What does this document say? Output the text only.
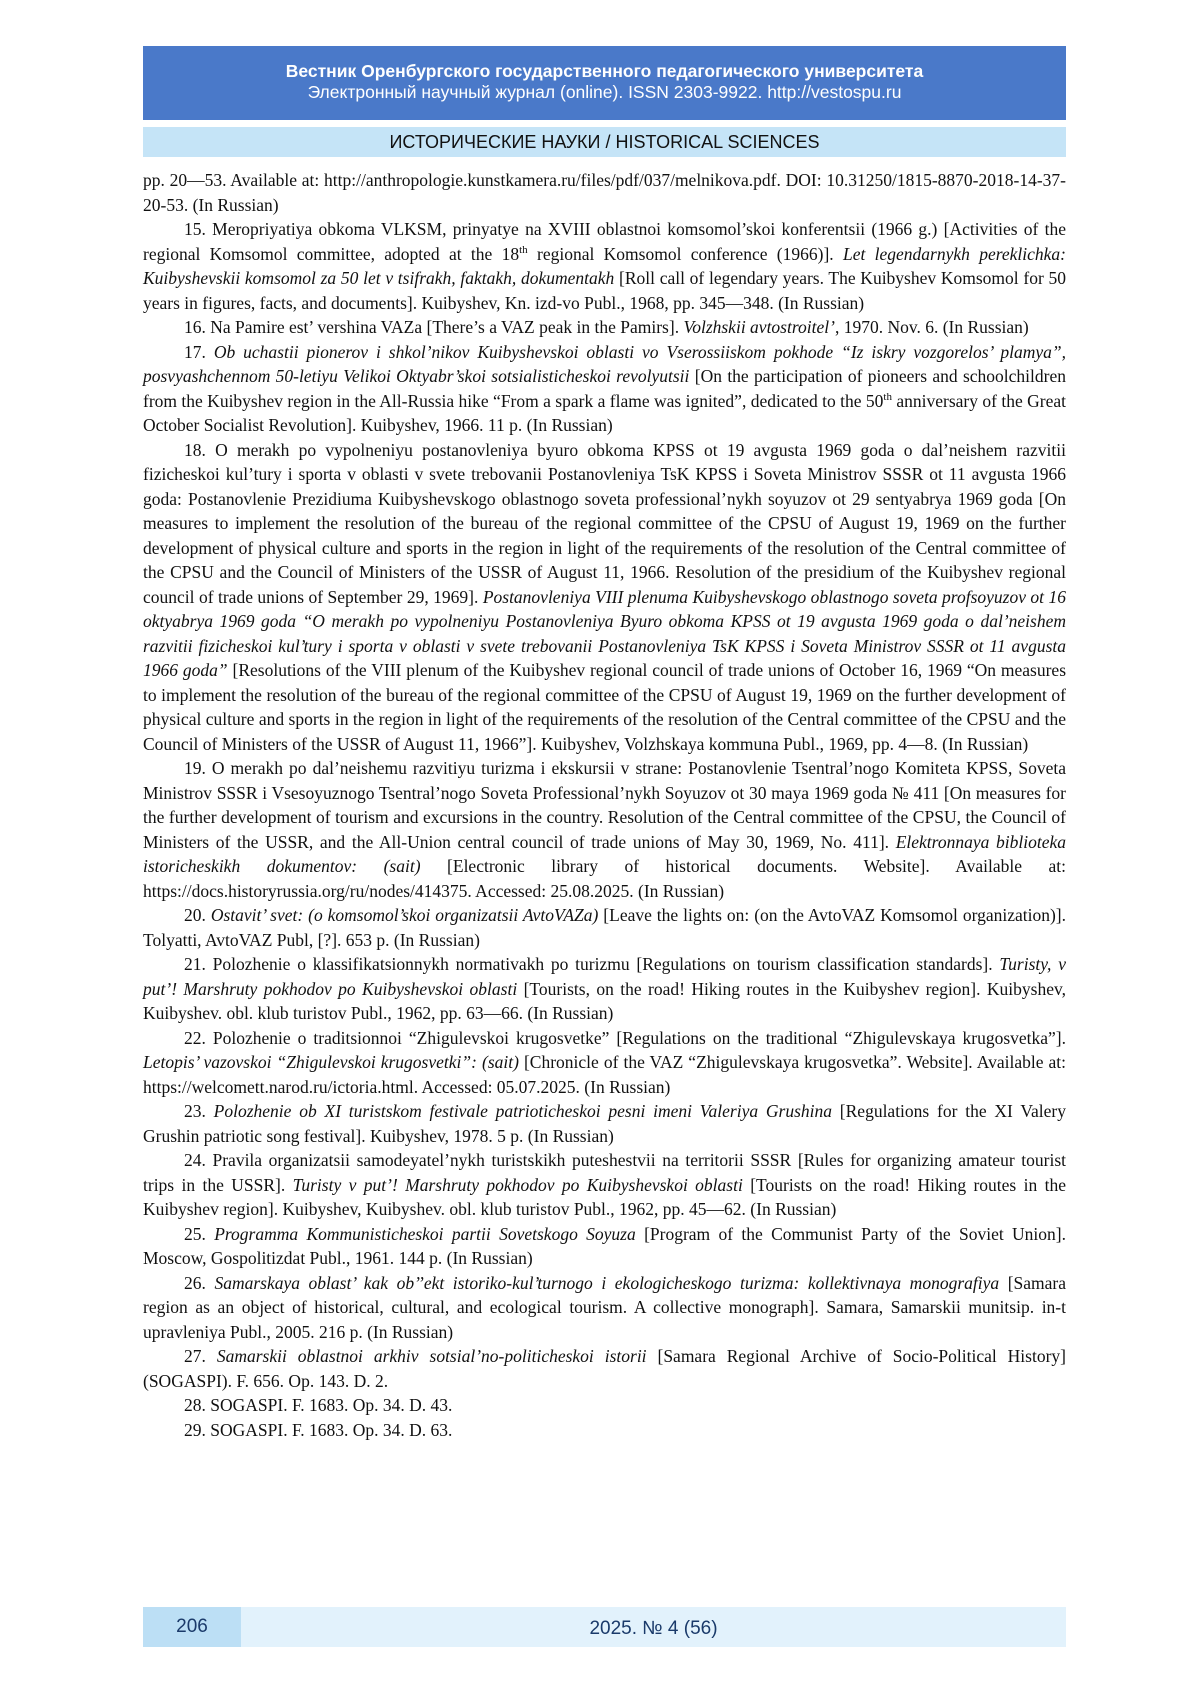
Вестник Оренбургского государственного педагогического университета
Электронный научный журнал (online). ISSN 2303-9922. http://vestospu.ru
ИСТОРИЧЕСКИЕ НАУКИ / HISTORICAL SCIENCES

pp. 20—53. Available at: http://anthropologie.kunstkamera.ru/files/pdf/037/melnikova.pdf. DOI: 10.31250/1815-8870-2018-14-37-20-53. (In Russian)

15. Meropriyatiya obkoma VLKSM, prinyatye na XVIII oblastnoi komsomol’skoi konferentsii (1966 g.) [Activities of the regional Komsomol committee, adopted at the 18th regional Komsomol conference (1966)]. Let legendarnykh pereklichka: Kuibyshevskii komsomol za 50 let v tsifrakh, faktakh, dokumentakh [Roll call of legendary years. The Kuibyshev Komsomol for 50 years in figures, facts, and documents]. Kuibyshev, Kn. izd-vo Publ., 1968, pp. 345—348. (In Russian)

16. Na Pamire est’ vershina VAZa [There’s a VAZ peak in the Pamirs]. Volzhskii avtostroitel’, 1970. Nov. 6. (In Russian)

17. Ob uchastii pionerov i shkol’nikov Kuibyshevskoi oblasti vo Vserossiiskom pokhode “Iz iskry vozgorelos’ plamya”, posvyashchennom 50-letiyu Velikoi Oktyabr’skoi sotsialisticheskoi revolyutsii [On the participation of pioneers and schoolchildren from the Kuibyshev region in the All-Russia hike “From a spark a flame was ignited”, dedicated to the 50th anniversary of the Great October Socialist Revolution]. Kuibyshev, 1966. 11 p. (In Russian)

18. O merakh po vypolneniyu postanovleniya byuro obkoma KPSS ot 19 avgusta 1969 goda o dal’neishem razvitii fizicheskoi kul’tury i sporta v oblasti v svete trebovanii Postanovleniya TsK KPSS i Soveta Ministrov SSSR ot 11 avgusta 1966 goda: Postanovlenie Prezidiuma Kuibyshevskogo oblastnogo soveta professional’nykh soyuzov ot 29 sentyabrya 1969 goda [On measures to implement the resolution of the bureau of the regional committee of the CPSU of August 19, 1969 on the further development of physical culture and sports in the region in light of the requirements of the resolution of the Central committee of the CPSU and the Council of Ministers of the USSR of August 11, 1966. Resolution of the presidium of the Kuibyshev regional council of trade unions of September 29, 1969]. Postanovleniya VIII plenuma Kuibyshevskogo oblastnogo soveta profsoyuzov ot 16 oktyabrya 1969 goda “O merakh po vypolneniyu Postanovleniya Byuro obkoma KPSS ot 19 avgusta 1969 goda o dal’neishem razvitii fizicheskoi kul’tury i sporta v oblasti v svete trebovanii Postanovleniya TsK KPSS i Soveta Ministrov SSSR ot 11 avgusta 1966 goda” [Resolutions of the VIII plenum of the Kuibyshev regional council of trade unions of October 16, 1969 “On measures to implement the resolution of the bureau of the regional committee of the CPSU of August 19, 1969 on the further development of physical culture and sports in the region in light of the requirements of the resolution of the Central committee of the CPSU and the Council of Ministers of the USSR of August 11, 1966”]. Kuibyshev, Volzhskaya kommuna Publ., 1969, pp. 4—8. (In Russian)

19. O merakh po dal’neishemu razvitiyu turizma i ekskursii v strane: Postanovlenie Tsentral’nogo Komiteta KPSS, Soveta Ministrov SSSR i Vsesoyuznogo Tsentral’nogo Soveta Professional’nykh Soyuzov ot 30 maya 1969 goda № 411 [On measures for the further development of tourism and excursions in the country. Resolution of the Central committee of the CPSU, the Council of Ministers of the USSR, and the All-Union central council of trade unions of May 30, 1969, No. 411]. Elektronnaya biblioteka istoricheskikh dokumentov: (sait) [Electronic library of historical documents. Website]. Available at: https://docs.historyrussia.org/ru/nodes/414375. Accessed: 25.08.2025. (In Russian)

20. Ostavit’ svet: (o komsomol’skoi organizatsii AvtoVAZa) [Leave the lights on: (on the AvtoVAZ Komsomol organization)]. Tolyatti, AvtoVAZ Publ, [?]. 653 p. (In Russian)

21. Polozhenie o klassifikatsionnykh normativakh po turizmu [Regulations on tourism classification standards]. Turisty, v put’! Marshruty pokhodov po Kuibyshevskoi oblasti [Tourists, on the road! Hiking routes in the Kuibyshev region]. Kuibyshev, Kuibyshev. obl. klub turistov Publ., 1962, pp. 63—66. (In Russian)

22. Polozhenie o traditsionnoi “Zhigulevskoi krugosvetke” [Regulations on the traditional “Zhigulevskaya krugosvetka”]. Letopis’ vazovskoi “Zhigulevskoi krugosvetki”: (sait) [Chronicle of the VAZ “Zhigulevskaya krugosvetka”. Website]. Available at: https://welcomett.narod.ru/ictoria.html. Accessed: 05.07.2025. (In Russian)

23. Polozhenie ob XI turistskom festivale patrioticheskoi pesni imeni Valeriya Grushina [Regulations for the XI Valery Grushin patriotic song festival]. Kuibyshev, 1978. 5 p. (In Russian)

24. Pravila organizatsii samodeyatel’nykh turistskikh puteshestvii na territorii SSSR [Rules for organizing amateur tourist trips in the USSR]. Turisty v put’! Marshruty pokhodov po Kuibyshevskoi oblasti [Tourists on the road! Hiking routes in the Kuibyshev region]. Kuibyshev, Kuibyshev. obl. klub turistov Publ., 1962, pp. 45—62. (In Russian)

25. Programma Kommunisticheskoi partii Sovetskogo Soyuza [Program of the Communist Party of the Soviet Union]. Moscow, Gospolitizdat Publ., 1961. 144 p. (In Russian)

26. Samarskaya oblast’ kak ob’’ekt istoriko-kul’turnogo i ekologicheskogo turizma: kollektivnaya monografiya [Samara region as an object of historical, cultural, and ecological tourism. A collective monograph]. Samara, Samarskii munitsip. in-t upravleniya Publ., 2005. 216 p. (In Russian)

27. Samarskii oblastnoi arkhiv sotsial’no-politicheskoi istorii [Samara Regional Archive of Socio-Political History] (SOGASPI). F. 656. Op. 143. D. 2.

28. SOGASPI. F. 1683. Op. 34. D. 43.

29. SOGASPI. F. 1683. Op. 34. D. 63.

206	2025. № 4 (56)
